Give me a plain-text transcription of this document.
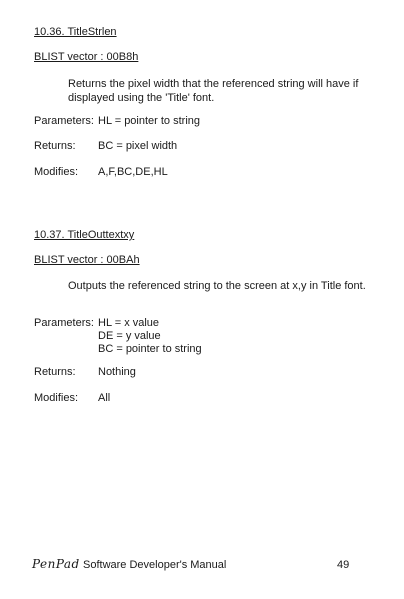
10.36. TitleStrlen
BLIST vector : 00B8h
Returns the pixel width that the referenced string will have if displayed using the 'Title' font.
Parameters: HL = pointer to string
Returns: BC = pixel width
Modifies: A,F,BC,DE,HL
10.37. TitleOuttextxy
BLIST vector : 00BAh
Outputs the referenced string to the screen at x,y in Title font.
Parameters: HL = x value
DE = y value
BC = pointer to string
Returns: Nothing
Modifies: All
PenPad Software Developer's Manual	49
